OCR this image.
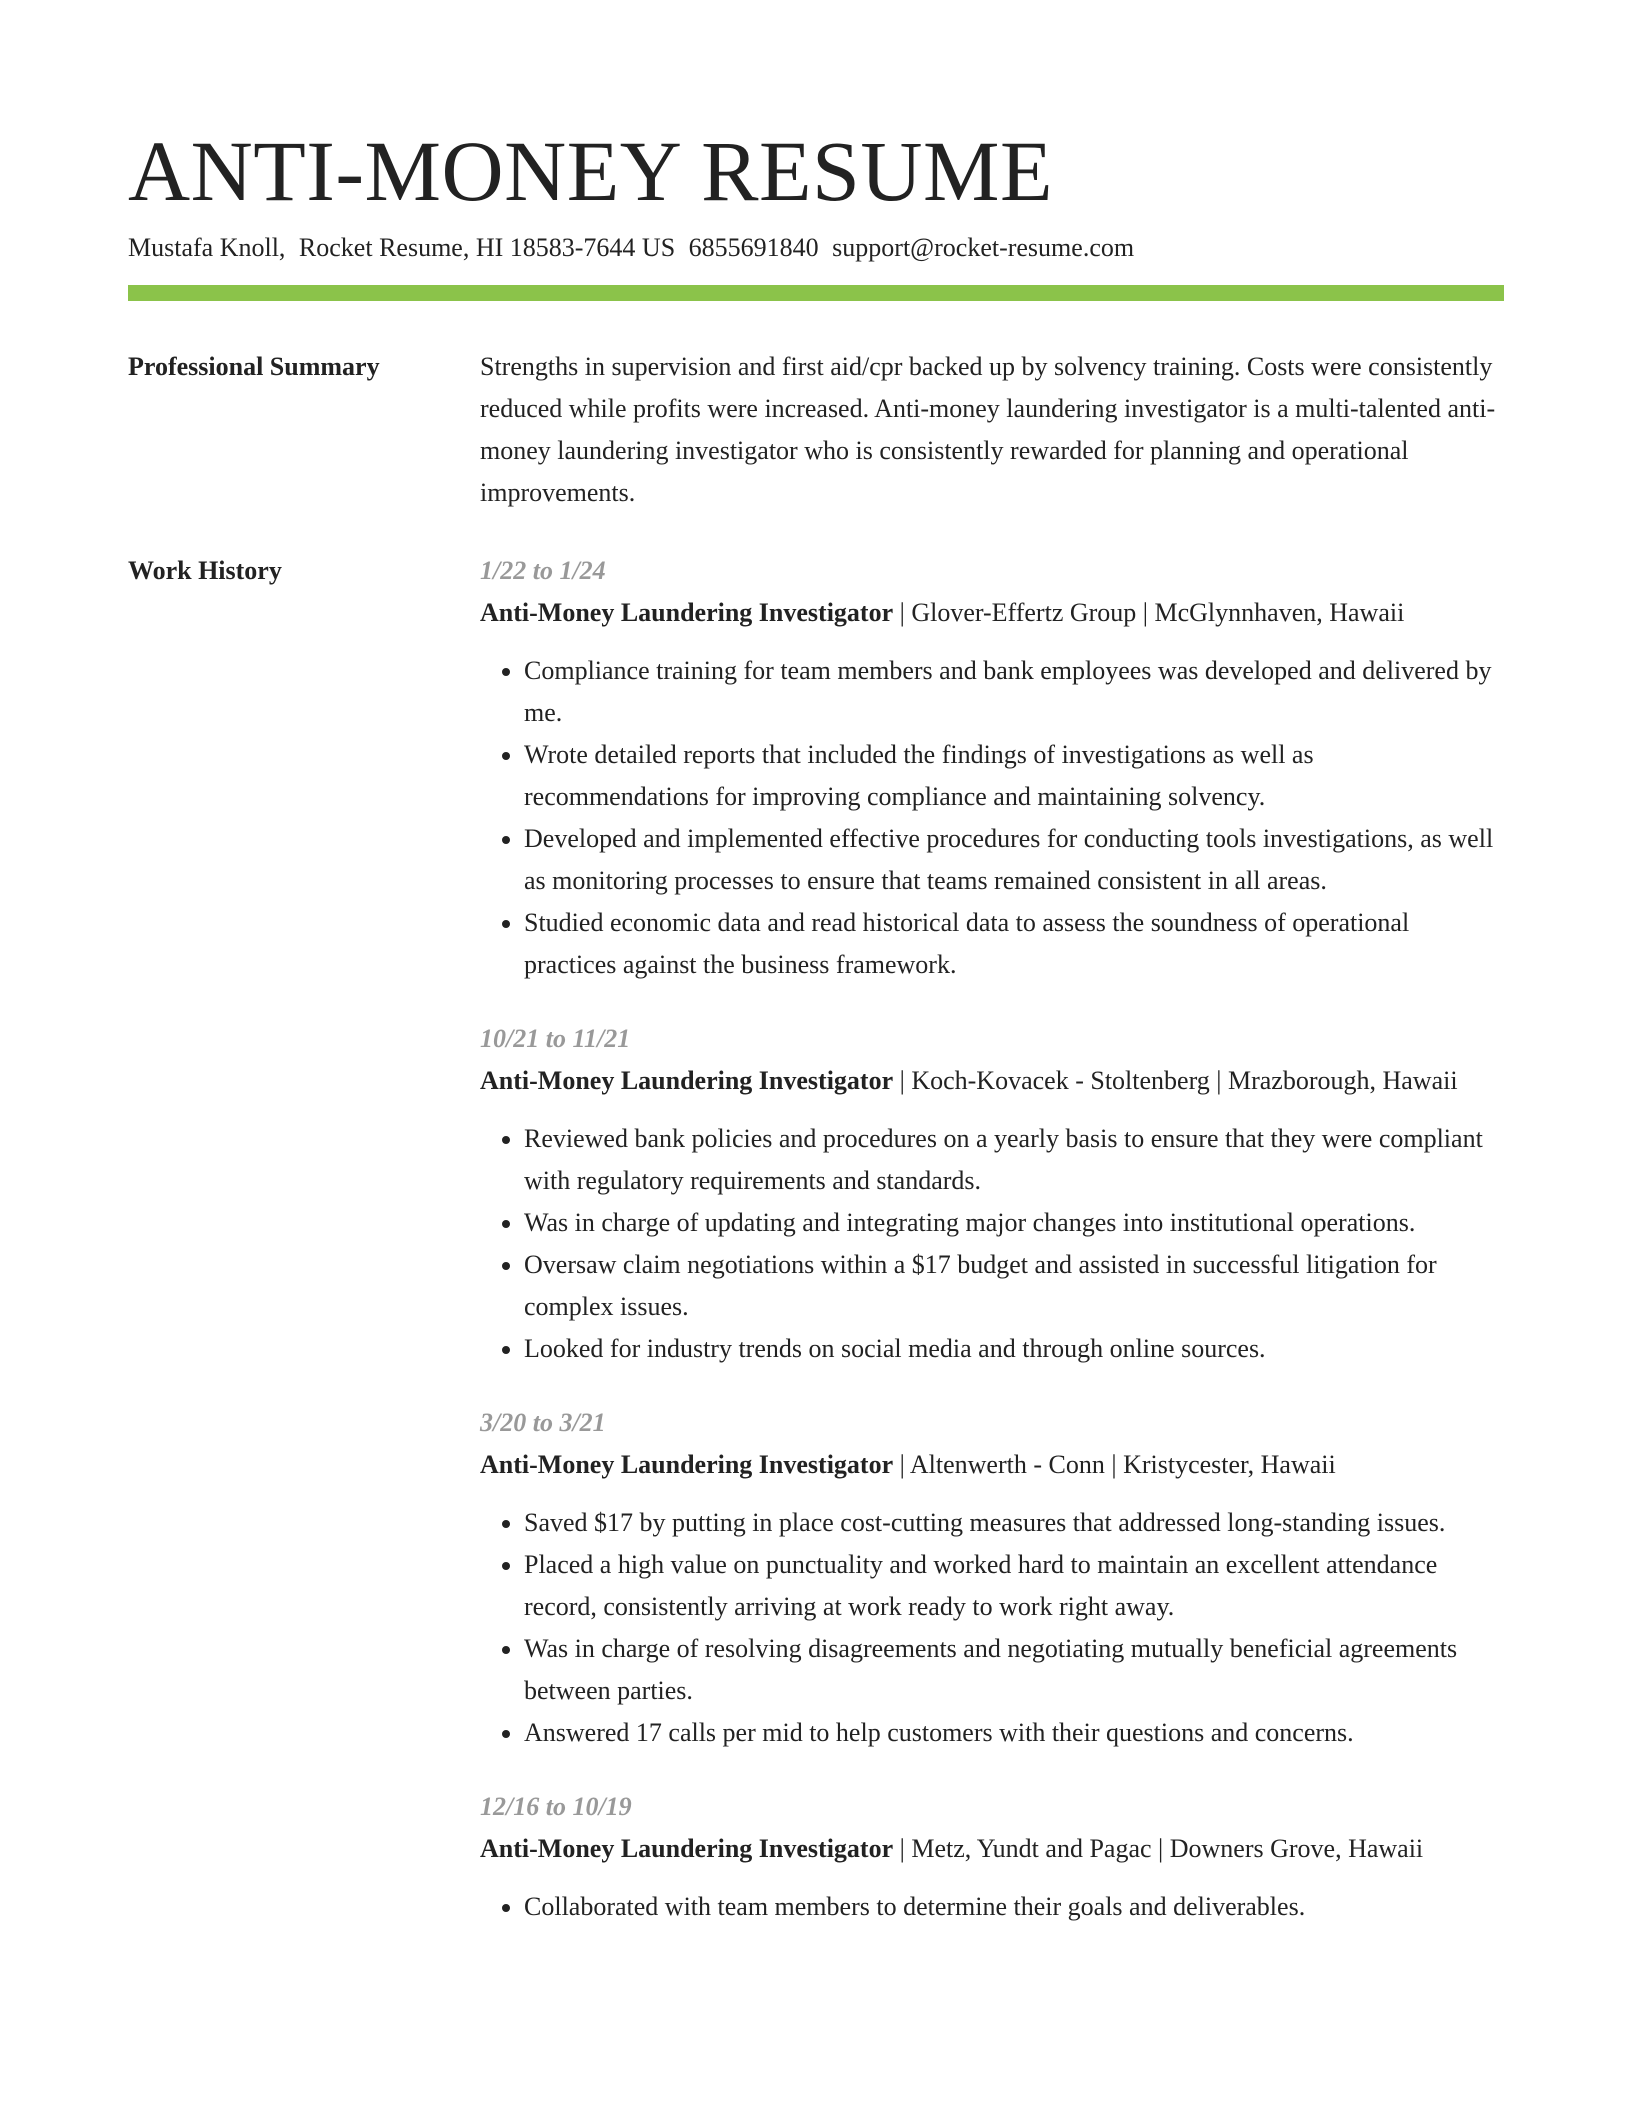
ANTI-MONEY RESUME
Mustafa Knoll, Rocket Resume, HI 18583-7644 US 6855691840 support@rocket-resume.com
Professional Summary	Strengths in supervision and first aid/cpr backed up by solvency training. Costs were consistently reduced while profits were increased. Anti-money laundering investigator is a multi-talented anti-money laundering investigator who is consistently rewarded for planning and operational improvements.

Work History	1/22 to 1/24
Anti-Money Laundering Investigator | Glover-Effertz Group | McGlynnhaven, Hawaii
• Compliance training for team members and bank employees was developed and delivered by me.
• Wrote detailed reports that included the findings of investigations as well as recommendations for improving compliance and maintaining solvency.
• Developed and implemented effective procedures for conducting tools investigations, as well as monitoring processes to ensure that teams remained consistent in all areas.
• Studied economic data and read historical data to assess the soundness of operational practices against the business framework.
10/21 to 11/21
Anti-Money Laundering Investigator | Koch-Kovacek - Stoltenberg | Mrazborough, Hawaii
• Reviewed bank policies and procedures on a yearly basis to ensure that they were compliant with regulatory requirements and standards.
• Was in charge of updating and integrating major changes into institutional operations.
• Oversaw claim negotiations within a $17 budget and assisted in successful litigation for complex issues.
• Looked for industry trends on social media and through online sources.
3/20 to 3/21
Anti-Money Laundering Investigator | Altenwerth - Conn | Kristycester, Hawaii
• Saved $17 by putting in place cost-cutting measures that addressed long-standing issues.
• Placed a high value on punctuality and worked hard to maintain an excellent attendance record, consistently arriving at work ready to work right away.
• Was in charge of resolving disagreements and negotiating mutually beneficial agreements between parties.
• Answered 17 calls per mid to help customers with their questions and concerns.
12/16 to 10/19
Anti-Money Laundering Investigator | Metz, Yundt and Pagac | Downers Grove, Hawaii
• Collaborated with team members to determine their goals and deliverables.
